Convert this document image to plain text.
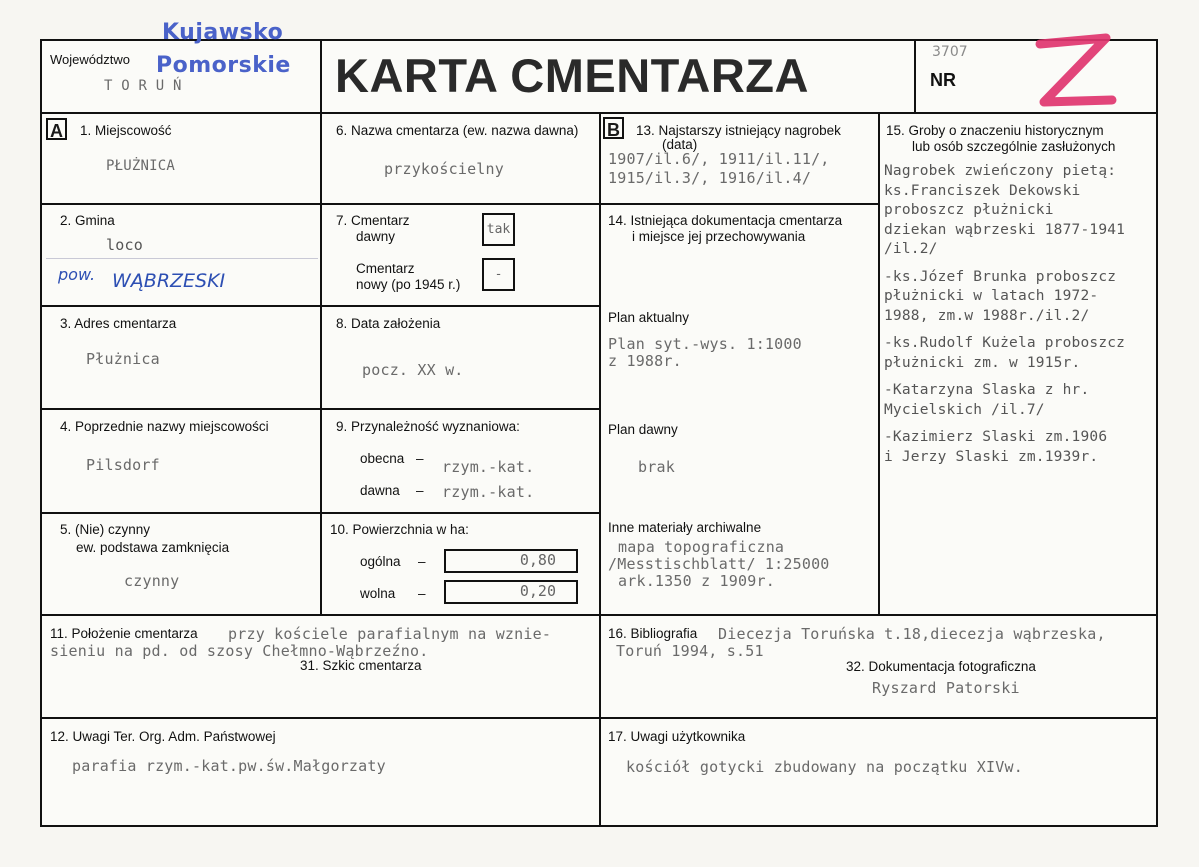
Województwo
Kujawsko
Pomorskie
T O R U Ń	KARTA CMENTARZA	NR
3707
A 1. Miejscowość
PŁUŻNICA
2. Gmina
loco
pow. WĄBRZESKI
3. Adres cmentarza
Płużnica
4. Poprzednie nazwy miejscowości
Pilsdorf
5. (Nie) czynny
ew. podstawa zamknięcia
czynny
6. Nazwa cmentarza (ew. nazwa dawna)
przykościelny
7. Cmentarz
dawny	tak
Cmentarz
nowy (po 1945 r.)
-
8. Data założenia
pocz. XX w.
9. Przynależność wyznaniowa:
obecna – rzym.-kat.
dawna – rzym.-kat.
10. Powierzchnia w ha:
ogólna –	0,80
wolna –	0,20
B 13. Najstarszy istniejący nagrobek
(data)
1907/il.6/, 1911/il.11/,
1915/il.3/, 1916/il.4/
14. Istniejąca dokumentacja cmentarza
i miejsce jej przechowywania
Plan aktualny
Plan syt.-wys. 1:1000
z 1988r.
Plan dawny
brak
Inne materiały archiwalne
mapa topograficzna
/Messtischblatt/ 1:25000
ark.1350 z 1909r.
15. Groby o znaczeniu historycznym
lub osób szczególnie zasłużonych
Nagrobek zwieńczony pietą:
ks.Franciszek Dekowski
proboszcz płużnicki
dziekan wąbrzeski 1877-1941
/il.2/
-ks.Józef Brunka proboszcz
płużnicki w latach 1972-
1988, zm.w 1988r./il.2/
-ks.Rudolf Kużela proboszcz
płużnicki zm. w 1915r.
-Katarzyna Slaska z hr.
Mycielskich /il.7/
-Kazimierz Slaski zm.1906
i Jerzy Slaski zm.1939r.
11. Położenie cmentarza przy kościele parafialnym na wznie-
sieniu na pd. od szosy Chełmno-Wąbrzeźno.
31. Szkic cmentarza
16. Bibliografia Diecezja Toruńska t.18,diecezja wąbrzeska,
Toruń 1994, s.51
32. Dokumentacja fotograficzna
Ryszard Patorski
12. Uwagi Ter. Org. Adm. Państwowej
parafia rzym.-kat.pw.św.Małgorzaty
17. Uwagi użytkownika
kościół gotycki zbudowany na początku XIVw.
